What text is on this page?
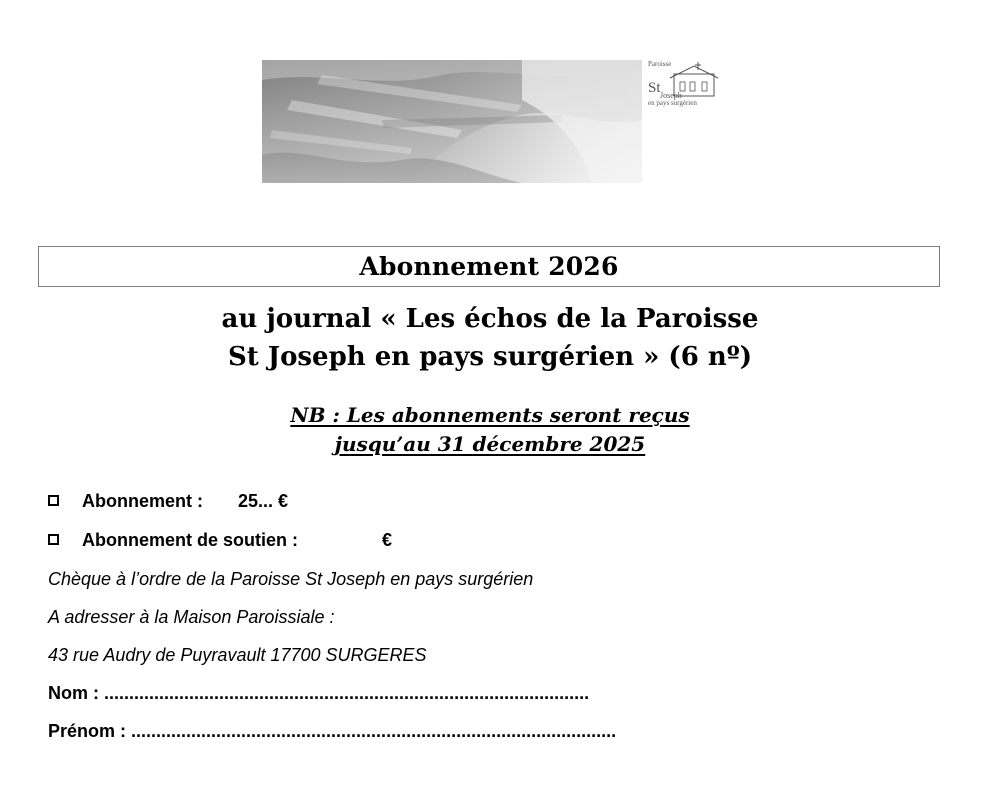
Paroisse
St Joseph
en pays surgérien
Abonnement 2026
au journal « Les échos de la Paroisse
St Joseph en pays surgérien » (6 nº)
NB : Les abonnements seront reçus
jusqu’au 31 décembre 2025
Abonnement : 25... €
Abonnement de soutien :	€
Chèque à l’ordre de la Paroisse St Joseph en pays surgérien
A adresser à la Maison Paroissiale :
43 rue Audry de Puyravault 17700 SURGERES
Nom : .................................................................................................
Prénom : .................................................................................................
